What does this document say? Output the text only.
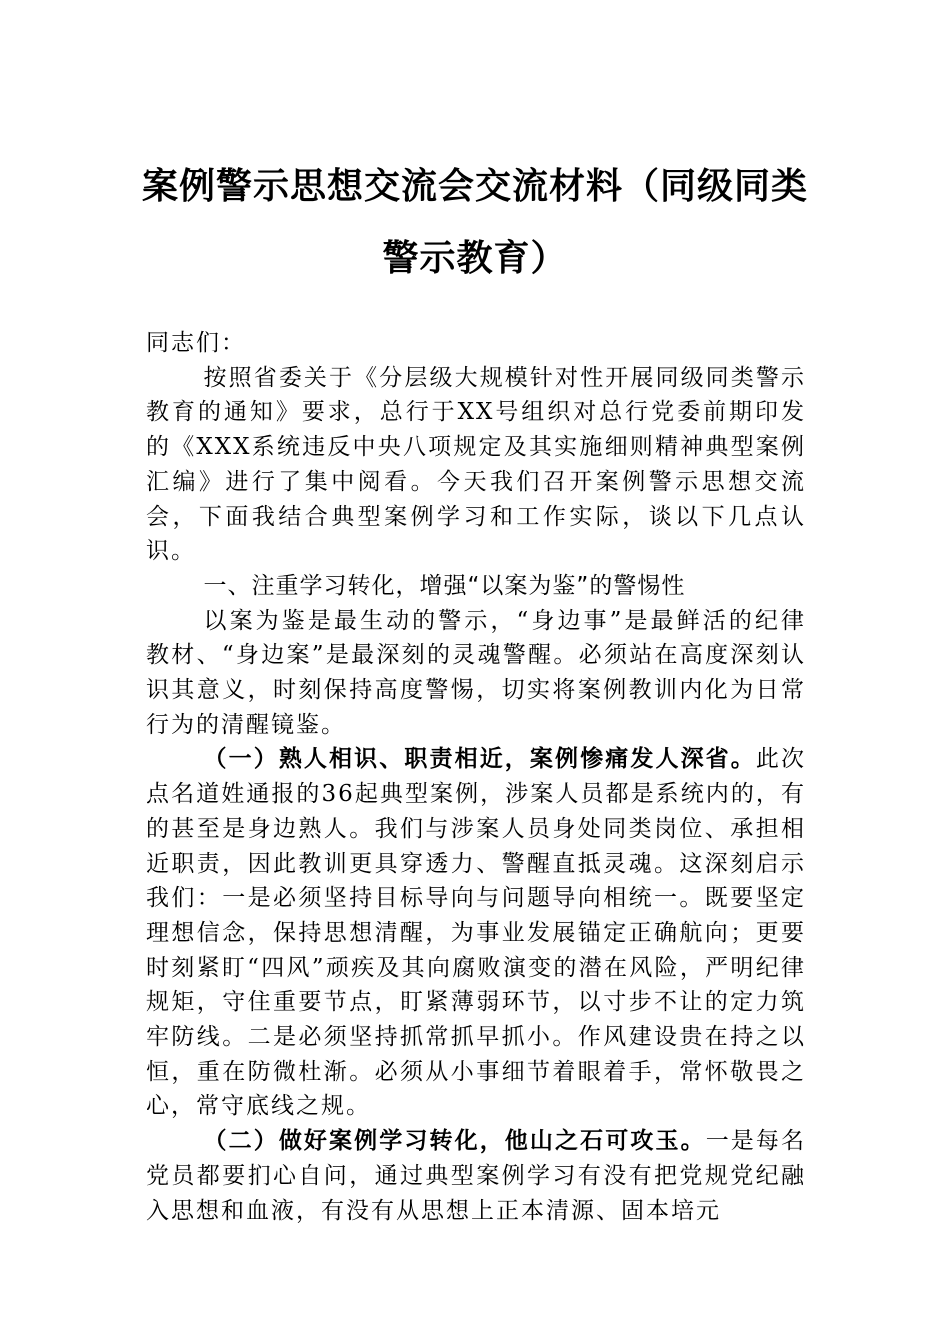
案例警示思想交流会交流材料（同级同类
警示教育）

同志们：

按照省委关于《分层级大规模针对性开展同级同类警示教育的通知》要求，总行于XX号组织对总行党委前期印发的《XXX系统违反中央八项规定及其实施细则精神典型案例汇编》进行了集中阅看。今天我们召开案例警示思想交流会，下面我结合典型案例学习和工作实际，谈以下几点认识。

一、注重学习转化，增强“以案为鉴”的警惕性

以案为鉴是最生动的警示，“身边事”是最鲜活的纪律教材、“身边案”是最深刻的灵魂警醒。必须站在高度深刻认识其意义，时刻保持高度警惕，切实将案例教训内化为日常行为的清醒镜鉴。

（一）熟人相识、职责相近，案例惨痛发人深省。此次点名道姓通报的36起典型案例，涉案人员都是系统内的，有的甚至是身边熟人。我们与涉案人员身处同类岗位、承担相近职责，因此教训更具穿透力、警醒直抵灵魂。这深刻启示我们：一是必须坚持目标导向与问题导向相统一。既要坚定理想信念，保持思想清醒，为事业发展锚定正确航向；更要时刻紧盯“四风”顽疾及其向腐败演变的潜在风险，严明纪律规矩，守住重要节点，盯紧薄弱环节，以寸步不让的定力筑牢防线。二是必须坚持抓常抓早抓小。作风建设贵在持之以恒，重在防微杜渐。必须从小事细节着眼着手，常怀敬畏之心，常守底线之规。

（二）做好案例学习转化，他山之石可攻玉。一是每名党员都要扪心自问，通过典型案例学习有没有把党规党纪融入思想和血液，有没有从思想上正本清源、固本培元
